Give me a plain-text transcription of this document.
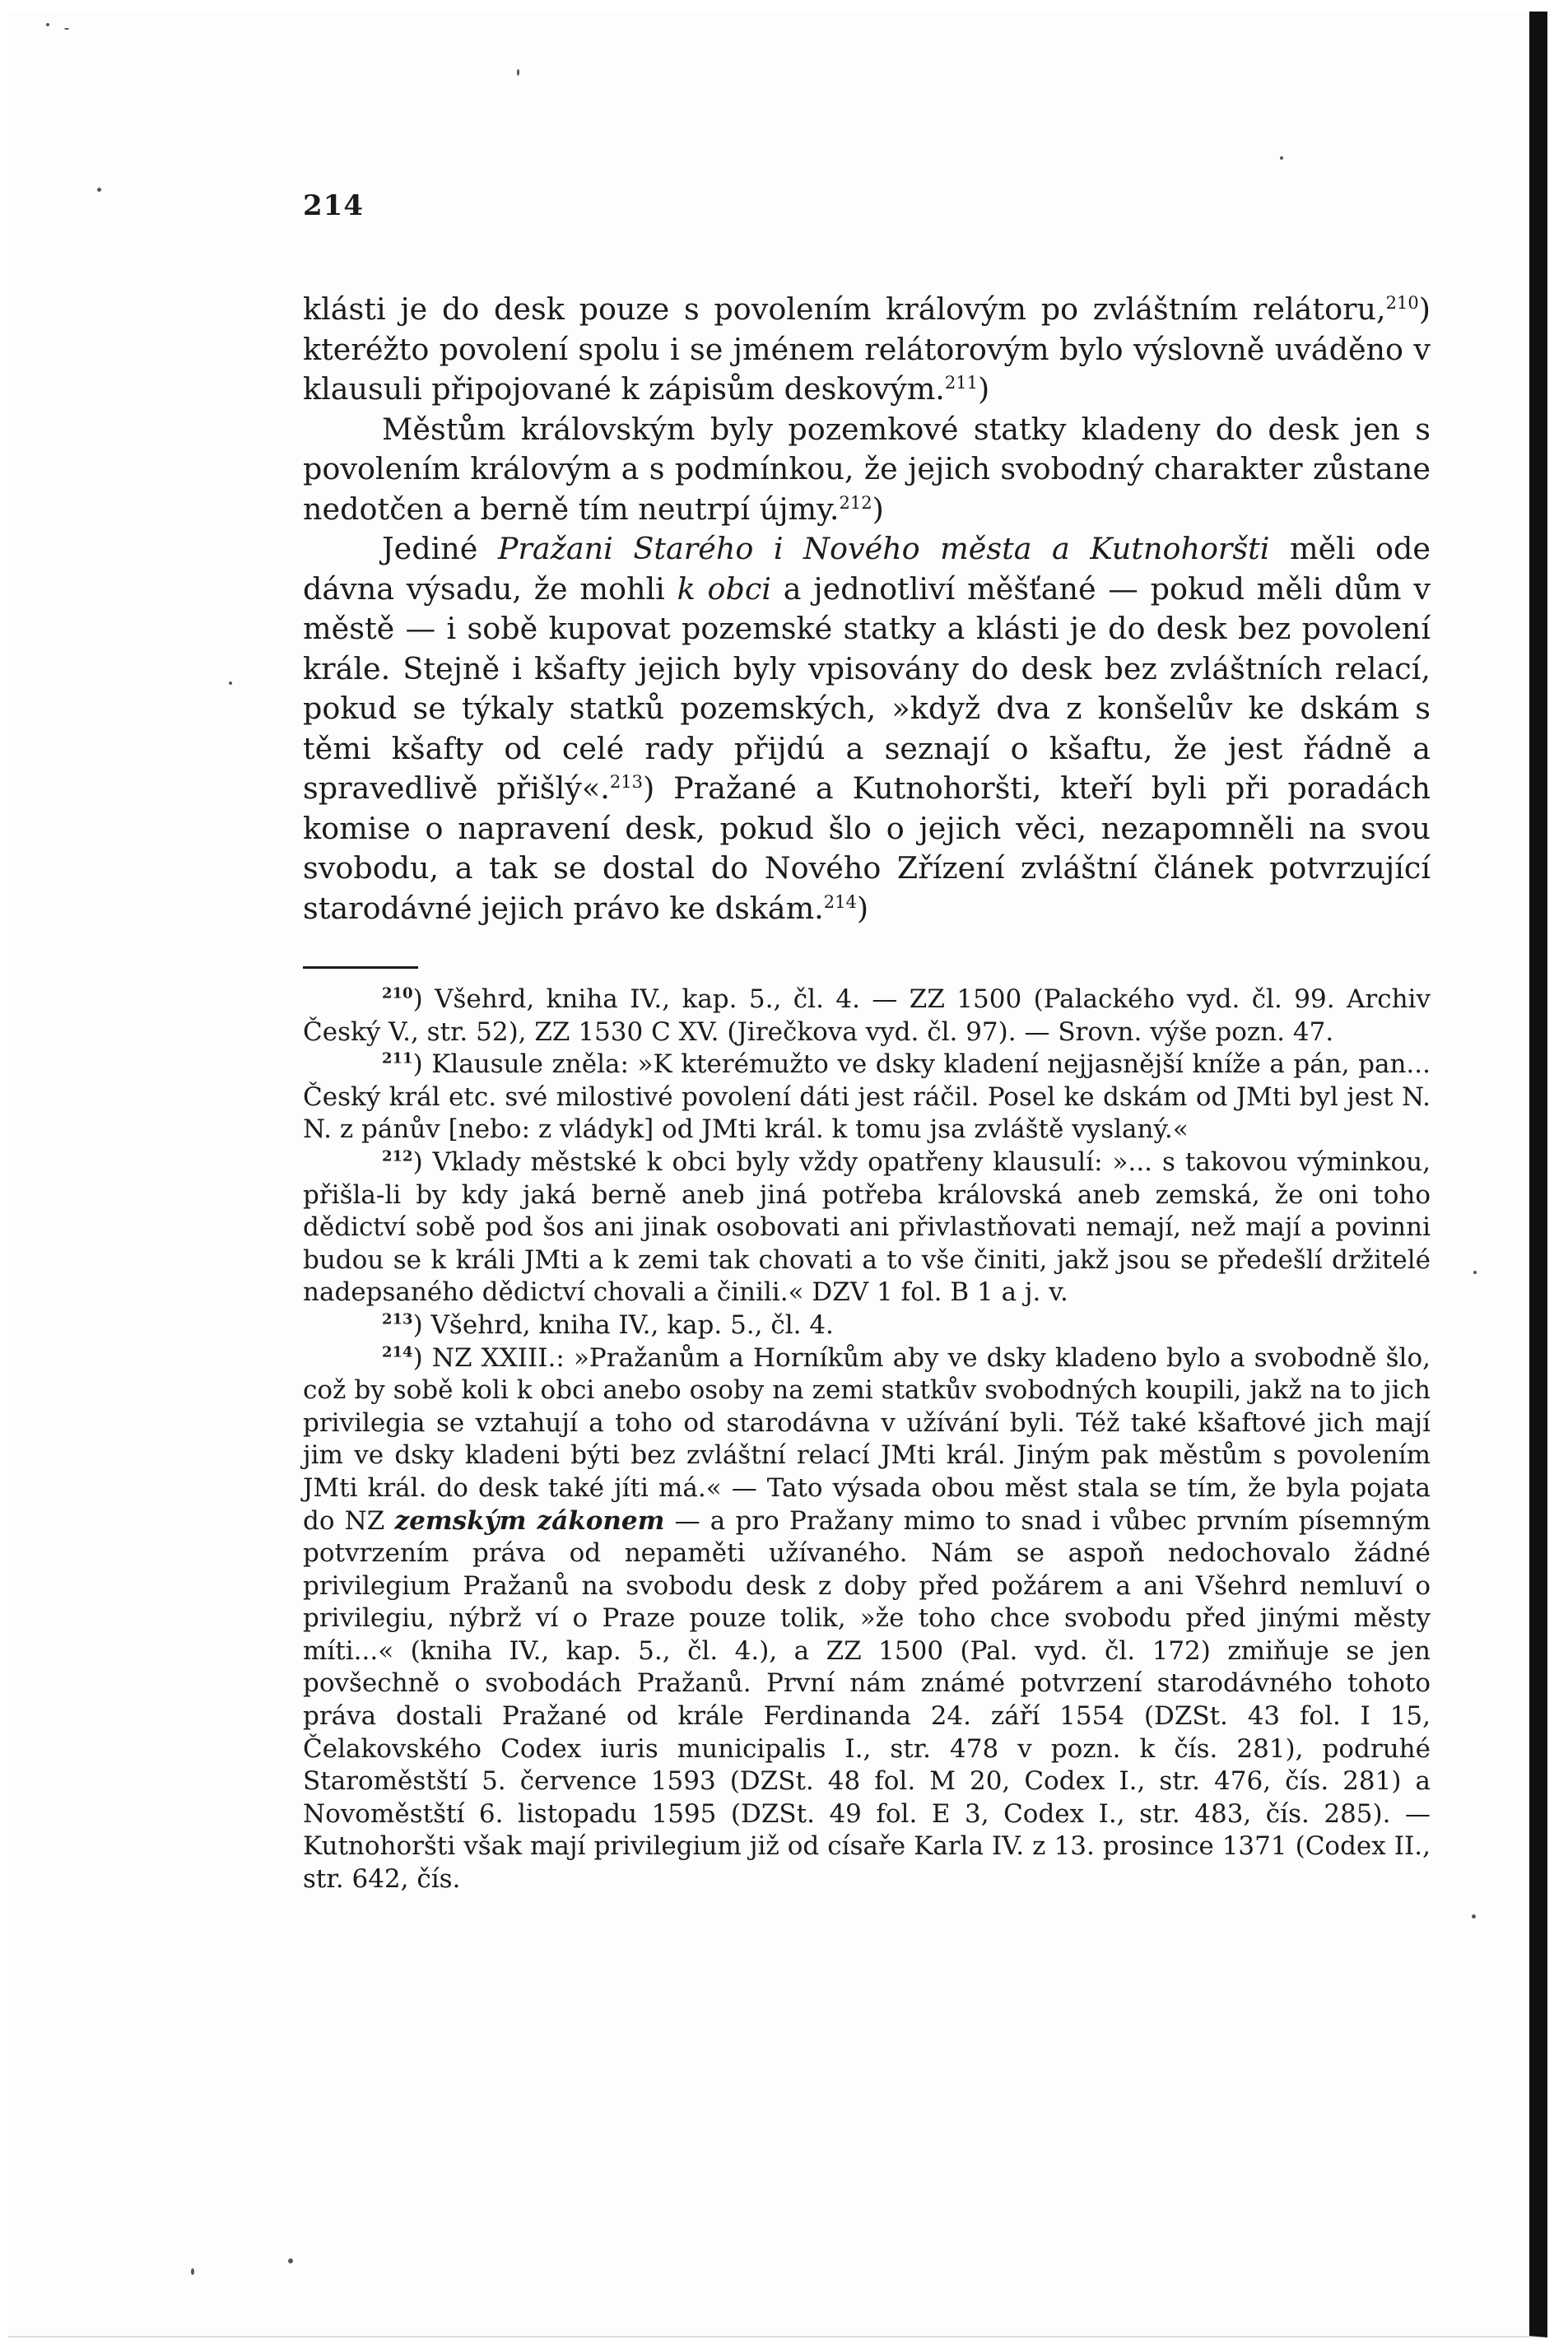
214

klásti je do desk pouze s povolením královým po zvláštním relátoru,$^{210}$) kteréžto povolení spolu i se jménem relátorovým bylo výslovně uváděno v klausuli připojované k zápisům deskovým.$^{211}$)

Městům královským byly pozemkové statky kladeny do desk jen s povolením královým a s podmínkou, že jejich svobodný charakter zůstane nedotčen a berně tím neutrpí újmy.$^{212}$)

Jediné Pražani Starého i Nového města a Kutnohoršti měli ode dávna výsadu, že mohli k obci a jednotliví měšťané — pokud měli dům v městě — i sobě kupovat pozemské statky a klásti je do desk bez povolení krále. Stejně i kšafty jejich byly vpisovány do desk bez zvláštních relací, pokud se týkaly statků pozemských, »když dva z konšelův ke dskám s těmi kšafty od celé rady přijdú a seznají o kšaftu, že jest řádně a spravedlivě přišlý«.$^{213}$) Pražané a Kutnohoršti, kteří byli při poradách komise o napravení desk, pokud šlo o jejich věci, nezapomněli na svou svobodu, a tak se dostal do Nového Zřízení zvláštní článek potvrzující starodávné jejich právo ke dskám.$^{214}$)

$^{210}$) Všehrd, kniha IV., kap. 5., čl. 4. — ZZ 1500 (Palackého vyd. čl. 99. Archiv Český V., str. 52), ZZ 1530 C XV. (Jirečkova vyd. čl. 97). — Srovn. výše pozn. 47.

$^{211}$) Klausule zněla: »K kterémužto ve dsky kladení nejjasnější kníže a pán, pan... Český král etc. své milostivé povolení dáti jest ráčil. Posel ke dskám od JMti byl jest N. N. z pánův [nebo: z vládyk] od JMti král. k tomu jsa zvláště vyslaný.«

$^{212}$) Vklady městské k obci byly vždy opatřeny klausulí: »... s takovou výminkou, přišla-li by kdy jaká berně aneb jiná potřeba královská aneb zemská, že oni toho dědictví sobě pod šos ani jinak osobovati ani přivlastňovati nemají, než mají a povinni budou se k králi JMti a k zemi tak chovati a to vše činiti, jakž jsou se předešlí držitelé nadepsaného dědictví chovali a činili.« DZV 1 fol. B 1 a j. v.

$^{213}$) Všehrd, kniha IV., kap. 5., čl. 4.

$^{214}$) NZ XXIII.: »Pražanům a Horníkům aby ve dsky kladeno bylo a svobodně šlo, což by sobě koli k obci anebo osoby na zemi statkův svobodných koupili, jakž na to jich privilegia se vztahují a toho od starodávna v užívání byli. Též také kšaftové jich mají jim ve dsky kladeni býti bez zvláštní relací JMti král. Jiným pak městům s povolením JMti král. do desk také jíti má.« — Tato výsada obou měst stala se tím, že byla pojata do NZ zemským zákonem — a pro Pražany mimo to snad i vůbec prvním písemným potvrzením práva od nepaměti užívaného. Nám se aspoň nedochovalo žádné privilegium Pražanů na svobodu desk z doby před požárem a ani Všehrd nemluví o privilegiu, nýbrž ví o Praze pouze tolik, »že toho chce svobodu před jinými městy míti...« (kniha IV., kap. 5., čl. 4.), a ZZ 1500 (Pal. vyd. čl. 172) zmiňuje se jen povšechně o svobodách Pražanů. První nám známé potvrzení starodávného tohoto práva dostali Pražané od krále Ferdinanda 24. září 1554 (DZSt. 43 fol. I 15, Čelakovského Codex iuris municipalis I., str. 478 v pozn. k čís. 281), podruhé Staroměstští 5. července 1593 (DZSt. 48 fol. M 20, Codex I., str. 476, čís. 281) a Novoměstští 6. listopadu 1595 (DZSt. 49 fol. E 3, Codex I., str. 483, čís. 285). — Kutnohoršti však mají privilegium již od císaře Karla IV. z 13. prosince 1371 (Codex II., str. 642, čís.
